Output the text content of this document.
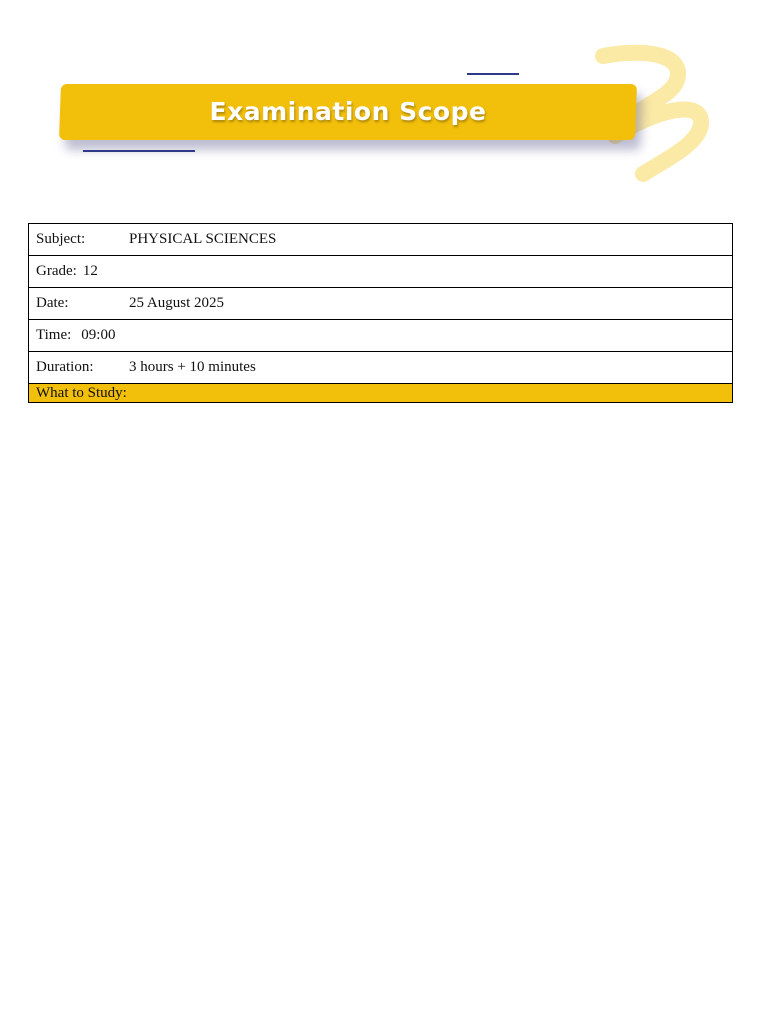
Examination Scope
Subject:	PHYSICAL SCIENCES
Grade: 12
Date:	25 August 2025
Time: 09:00
Duration: 3 hours + 10 minutes
What to Study:
